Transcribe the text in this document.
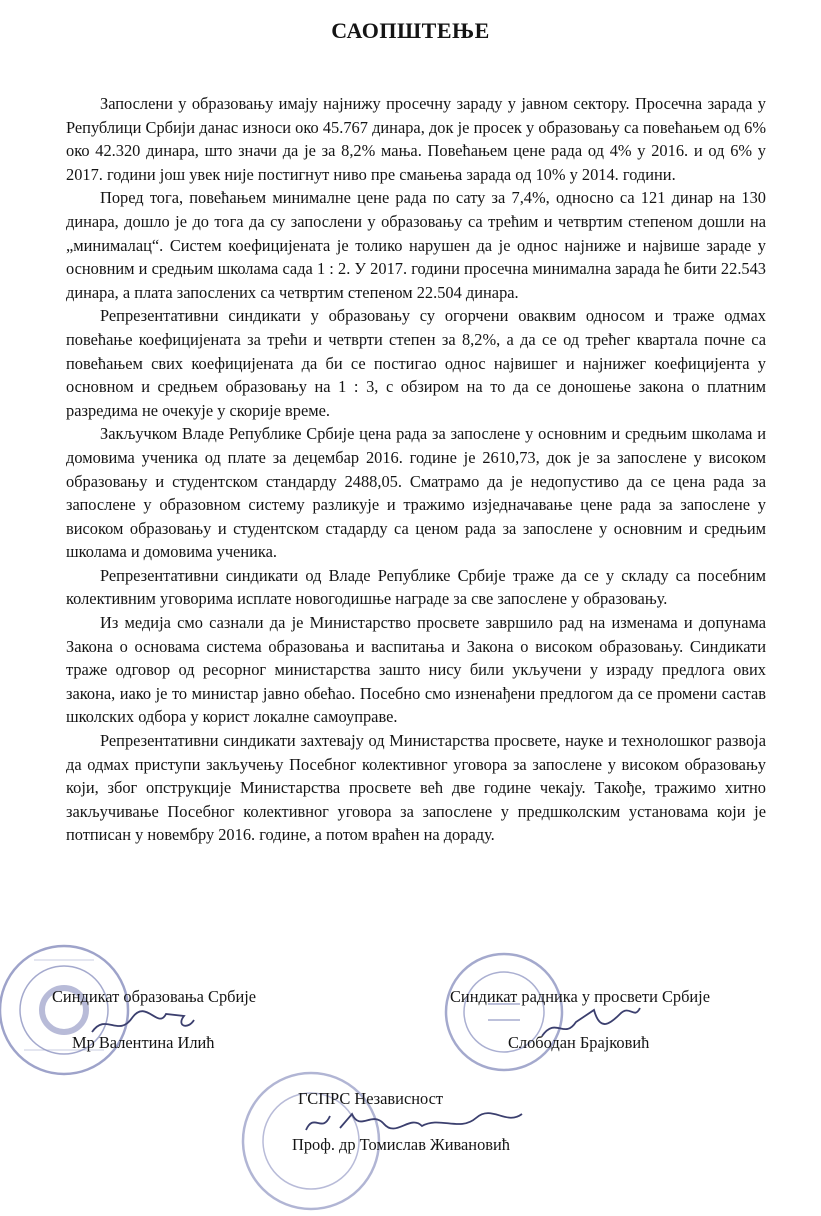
САОПШТЕЊЕ

Запослени у образовању имају најнижу просечну зараду у јавном сектору. Просечна зарада у Републици Србији данас износи око 45.767 динара, док је просек у образовању са повећањем од 6% око 42.320 динара, што значи да је за 8,2% мања. Повећањем цене рада од 4% у 2016. и од 6% у 2017. години још увек није постигнут ниво пре смањења зарада од 10% у 2014. години.

Поред тога, повећањем минималне цене рада по сату за 7,4%, односно са 121 динар на 130 динара, дошло је до тога да су запослени у образовању са трећим и четвртим степеном дошли на „минималац“. Систем коефицијената је толико нарушен да је однос најниже и највише зараде у основним и средњим школама сада 1 : 2. У 2017. години просечна минимална зарада ће бити 22.543 динара, а плата запослених са четвртим степеном 22.504 динара.

Репрезентативни синдикати у образовању су огорчени оваквим односом и траже одмах повећање коефицијената за трећи и четврти степен за 8,2%, а да се од трећег квартала почне са повећањем свих коефицијената да би се постигао однос највишег и најнижег коефицијента у основном и средњем образовању на 1 : 3, с обзиром на то да се доношење закона о платним разредима не очекује у скорије време.

Закључком Владе Републике Србије цена рада за запослене у основним и средњим школама и домовима ученика од плате за децембар 2016. године је 2610,73, док је за запослене у високом образовању и студентском стандарду 2488,05. Сматрамо да је недопустиво да се цена рада за запослене у образовном систему разликује и тражимо изједначавање цене рада за запослене у високом образовању и студентском стадарду са ценом рада за запослене у основним и средњим школама и домовима ученика.

Репрезентативни синдикати од Владе Републике Србије траже да се у складу са посебним колективним уговорима исплате новогодишње награде за све запослене у образовању.

Из медија смо сазнали да је Министарство просвете завршило рад на изменама и допунама Закона о основама система образовања и васпитања и Закона о високом образовању. Синдикати траже одговор од ресорног министарства зашто нису били укључени у израду предлога ових закона, иако је то министар јавно обећао. Посебно смо изненађени предлогом да се промени састав школских одбора у корист локалне самоуправе.

Репрезентативни синдикати захтевају од Министарства просвете, науке и технолошког развоја да одмах приступи закључењу Посебног колективног уговора за запослене у високом образовању који, због опструкције Министарства просвете већ две године чекају. Такође, тражимо хитно закључивање Посебног колективног уговора за запослене у предшколским установама који је потписан у новембру 2016. године, а потом враћен на дораду.

Синдикат образовања Србије
Мр Валентина Илић
Синдикат радника у просвети Србије
Слободан Брајковић
ГСПРС Независност
Проф. др Томислав Живановић
